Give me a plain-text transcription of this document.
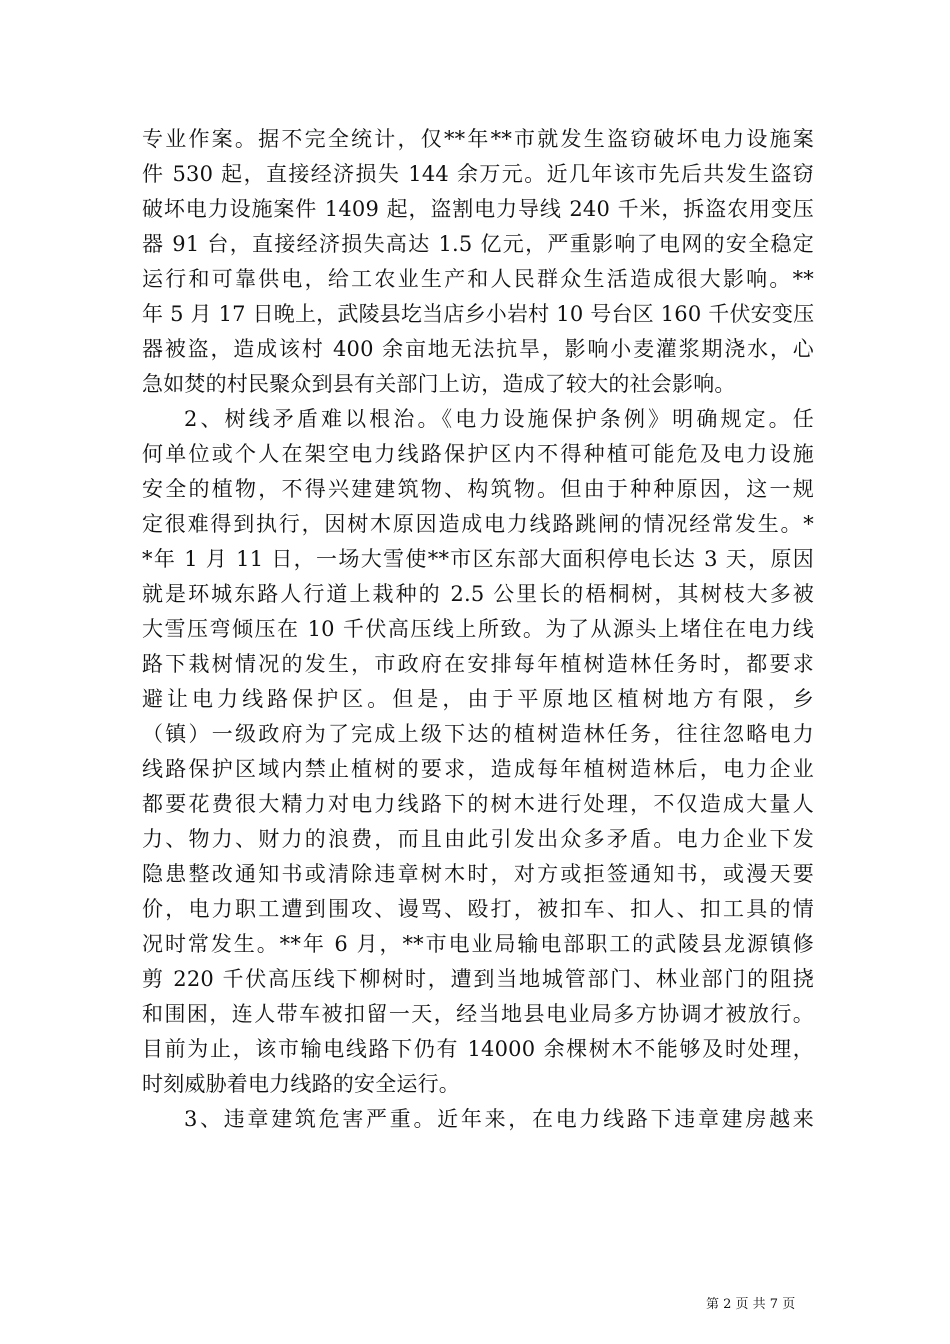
专业作案。据不完全统计，仅**年**市就发生盗窃破坏电力设施案
件 530 起，直接经济损失 144 余万元。近几年该市先后共发生盗窃
破坏电力设施案件 1409 起，盗割电力导线 240 千米，拆盗农用变压
器 91 台，直接经济损失高达 1.5 亿元，严重影响了电网的安全稳定
运行和可靠供电，给工农业生产和人民群众生活造成很大影响。**
年 5 月 17 日晚上，武陵县圪当店乡小岩村 10 号台区 160 千伏安变压
器被盗，造成该村 400 余亩地无法抗旱，影响小麦灌浆期浇水，心
急如焚的村民聚众到县有关部门上访，造成了较大的社会影响。
2、树线矛盾难以根治。《电力设施保护条例》明确规定。任
何单位或个人在架空电力线路保护区内不得种植可能危及电力设施
安全的植物，不得兴建建筑物、构筑物。但由于种种原因，这一规
定很难得到执行，因树木原因造成电力线路跳闸的情况经常发生。*
*年 1 月 11 日，一场大雪使**市区东部大面积停电长达 3 天，原因
就是环城东路人行道上栽种的 2.5 公里长的梧桐树，其树枝大多被
大雪压弯倾压在 10 千伏高压线上所致。为了从源头上堵住在电力线
路下栽树情况的发生，市政府在安排每年植树造林任务时，都要求
避让电力线路保护区。但是，由于平原地区植树地方有限，乡
（镇）一级政府为了完成上级下达的植树造林任务，往往忽略电力
线路保护区域内禁止植树的要求，造成每年植树造林后，电力企业
都要花费很大精力对电力线路下的树木进行处理，不仅造成大量人
力、物力、财力的浪费，而且由此引发出众多矛盾。电力企业下发
隐患整改通知书或清除违章树木时，对方或拒签通知书，或漫天要
价，电力职工遭到围攻、谩骂、殴打，被扣车、扣人、扣工具的情
况时常发生。**年 6 月，**市电业局输电部职工的武陵县龙源镇修
剪 220 千伏高压线下柳树时，遭到当地城管部门、林业部门的阻挠
和围困，连人带车被扣留一天，经当地县电业局多方协调才被放行。
目前为止，该市输电线路下仍有 14000 余棵树木不能够及时处理，
时刻威胁着电力线路的安全运行。
3、违章建筑危害严重。近年来，在电力线路下违章建房越来
第 2 页 共 7 页
